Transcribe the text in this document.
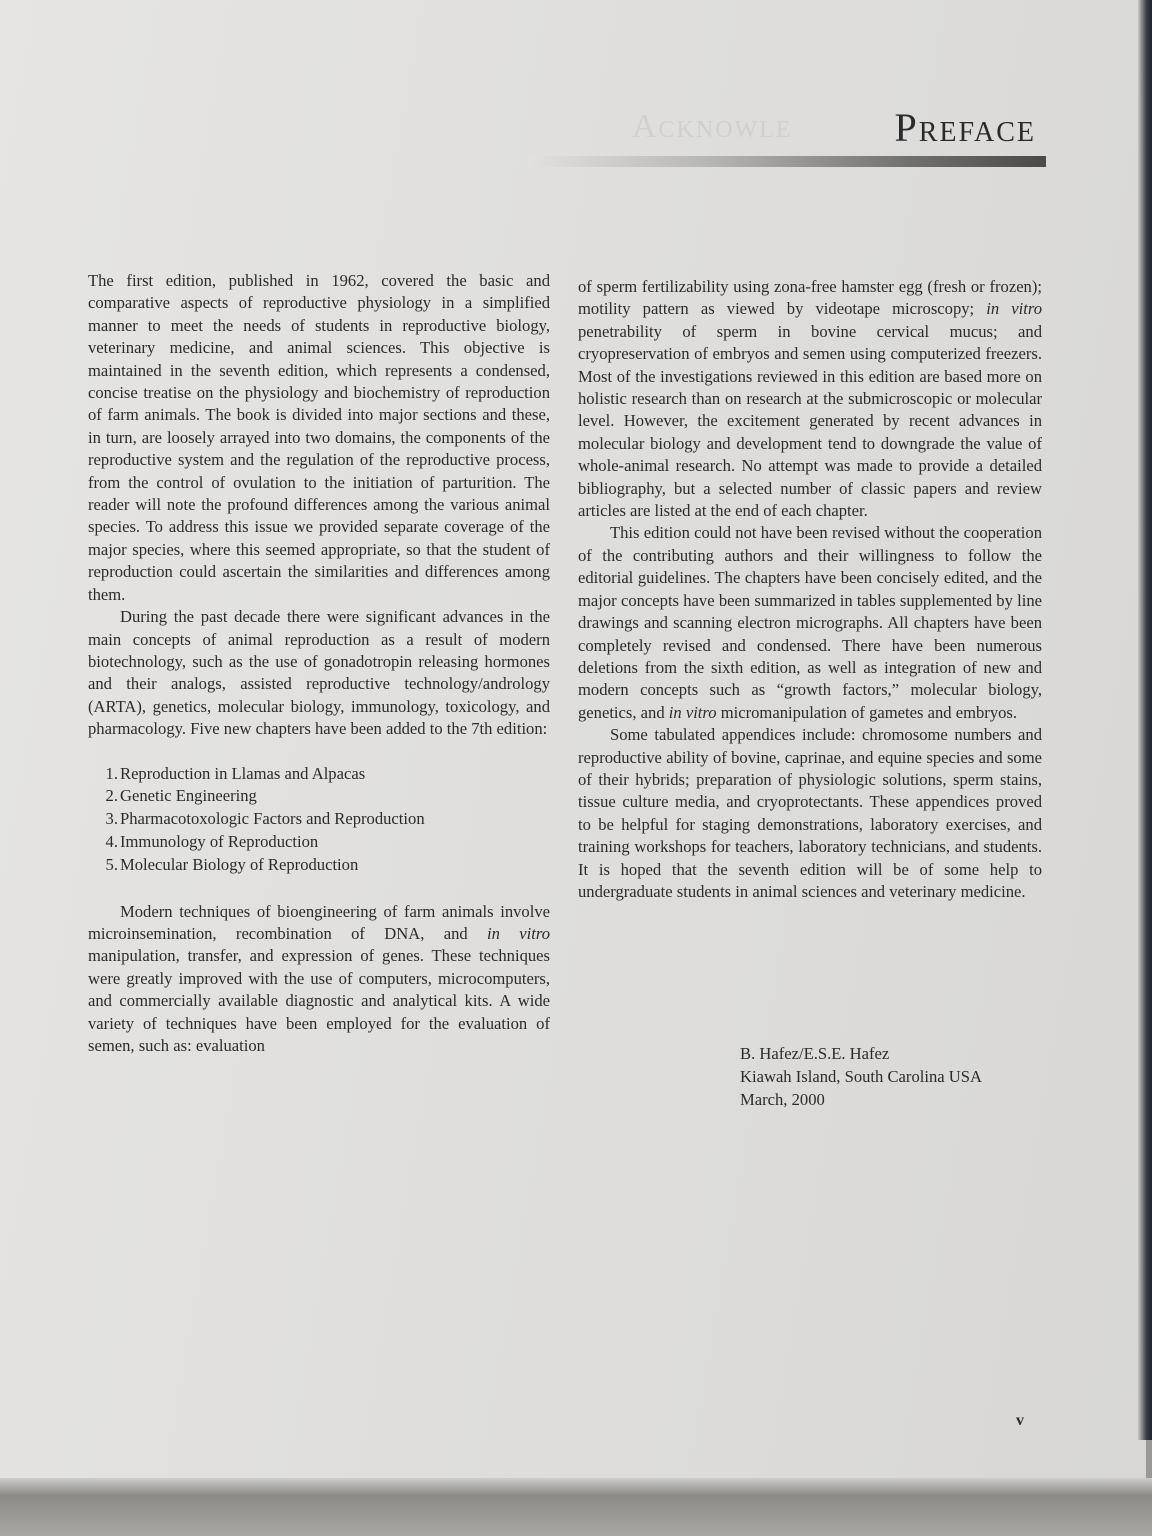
Acknowle	Preface

The first edition, published in 1962, covered the basic and comparative aspects of reproductive physiology in a simplified manner to meet the needs of students in reproductive biology, veterinary medicine, and animal sciences. This objective is maintained in the seventh edition, which represents a condensed, concise treatise on the physiology and biochemistry of reproduction of farm animals. The book is divided into major sections and these, in turn, are loosely arrayed into two domains, the components of the reproductive system and the regulation of the reproductive process, from the control of ovulation to the initiation of parturition. The reader will note the profound differences among the various animal species. To address this issue we provided separate coverage of the major species, where this seemed appropriate, so that the student of reproduction could ascertain the similarities and differences among them.

During the past decade there were significant advances in the main concepts of animal reproduction as a result of modern biotechnology, such as the use of gonadotropin releasing hormones and their analogs, assisted reproductive technology/andrology (ARTA), genetics, molecular biology, immunology, toxicology, and pharmacology. Five new chapters have been added to the 7th edition:

1. Reproduction in Llamas and Alpacas
2. Genetic Engineering
3. Pharmacotoxologic Factors and Reproduction
4. Immunology of Reproduction
5. Molecular Biology of Reproduction

Modern techniques of bioengineering of farm animals involve microinsemination, recombination of DNA, and in vitro manipulation, transfer, and expression of genes. These techniques were greatly improved with the use of computers, microcomputers, and commercially available diagnostic and analytical kits. A wide variety of techniques have been employed for the evaluation of semen, such as: evaluation

of sperm fertilizability using zona-free hamster egg (fresh or frozen); motility pattern as viewed by videotape microscopy; in vitro penetrability of sperm in bovine cervical mucus; and cryopreservation of embryos and semen using computerized freezers. Most of the investigations reviewed in this edition are based more on holistic research than on research at the submicroscopic or molecular level. However, the excitement generated by recent advances in molecular biology and development tend to downgrade the value of whole-animal research. No attempt was made to provide a detailed bibliography, but a selected number of classic papers and review articles are listed at the end of each chapter.

This edition could not have been revised without the cooperation of the contributing authors and their willingness to follow the editorial guidelines. The chapters have been concisely edited, and the major concepts have been summarized in tables supplemented by line drawings and scanning electron micrographs. All chapters have been completely revised and condensed. There have been numerous deletions from the sixth edition, as well as integration of new and modern concepts such as “growth factors,” molecular biology, genetics, and in vitro micromanipulation of gametes and embryos.

Some tabulated appendices include: chromosome numbers and reproductive ability of bovine, caprinae, and equine species and some of their hybrids; preparation of physiologic solutions, sperm stains, tissue culture media, and cryoprotectants. These appendices proved to be helpful for staging demonstrations, laboratory exercises, and training workshops for teachers, laboratory technicians, and students. It is hoped that the seventh edition will be of some help to undergraduate students in animal sciences and veterinary medicine.

B. Hafez/E.S.E. Hafez
Kiawah Island, South Carolina USA
March, 2000
v
